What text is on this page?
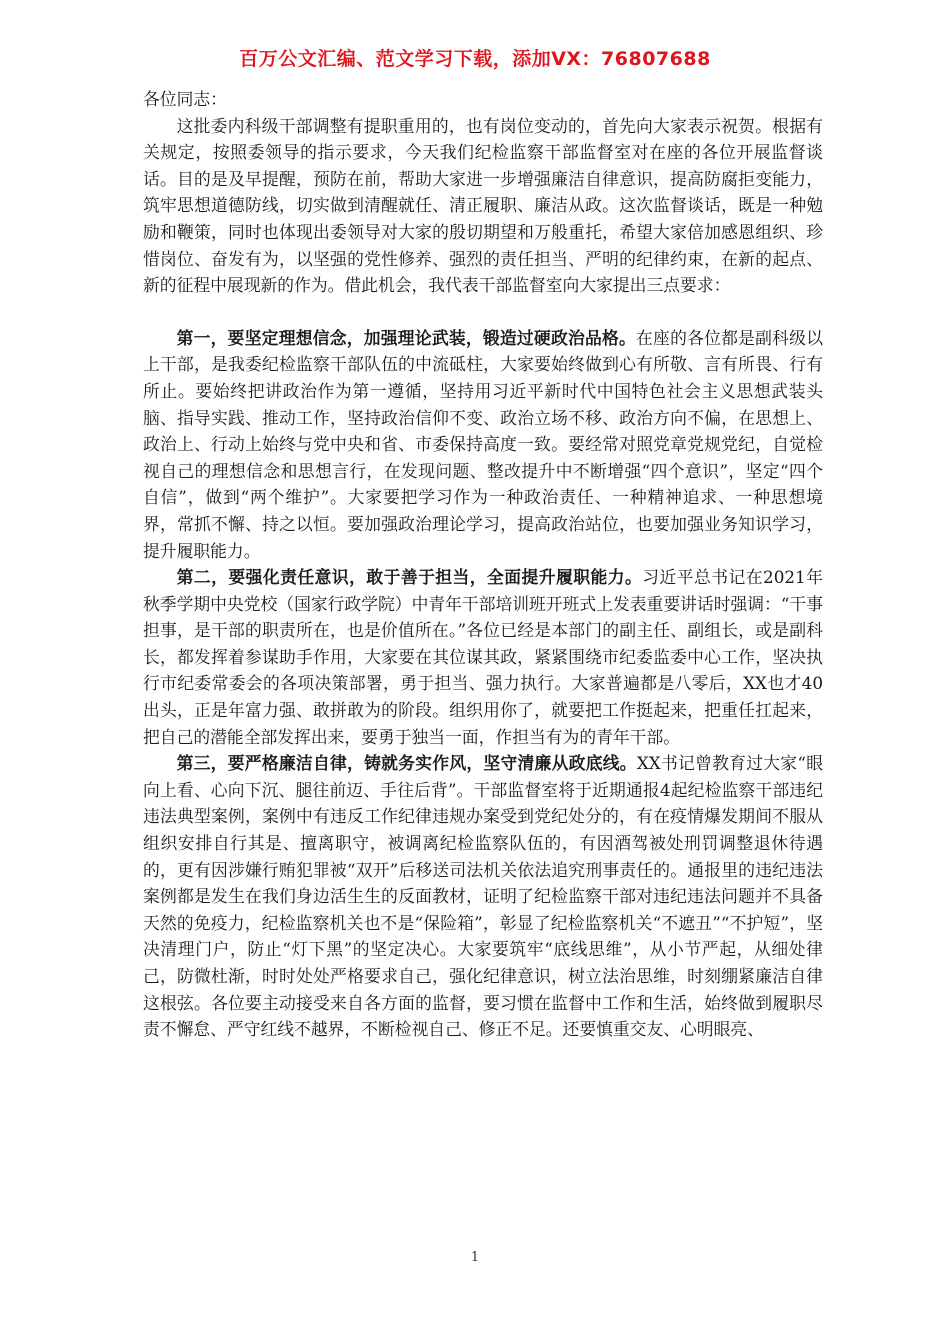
百万公文汇编、范文学习下载，添加VX：76807688

各位同志：

这批委内科级干部调整有提职重用的，也有岗位变动的，首先向大家表示祝贺。根据有关规定，按照委领导的指示要求，今天我们纪检监察干部监督室对在座的各位开展监督谈话。目的是及早提醒，预防在前，帮助大家进一步增强廉洁自律意识，提高防腐拒变能力，筑牢思想道德防线，切实做到清醒就任、清正履职、廉洁从政。这次监督谈话，既是一种勉励和鞭策，同时也体现出委领导对大家的殷切期望和万般重托，希望大家倍加感恩组织、珍惜岗位、奋发有为，以坚强的党性修养、强烈的责任担当、严明的纪律约束，在新的起点、新的征程中展现新的作为。借此机会，我代表干部监督室向大家提出三点要求：

第一，要坚定理想信念，加强理论武装，锻造过硬政治品格。在座的各位都是副科级以上干部，是我委纪检监察干部队伍的中流砥柱，大家要始终做到心有所敬、言有所畏、行有所止。要始终把讲政治作为第一遵循，坚持用习近平新时代中国特色社会主义思想武装头脑、指导实践、推动工作，坚持政治信仰不变、政治立场不移、政治方向不偏，在思想上、政治上、行动上始终与党中央和省、市委保持高度一致。要经常对照党章党规党纪，自觉检视自己的理想信念和思想言行，在发现问题、整改提升中不断增强“四个意识”，坚定“四个自信”，做到“两个维护”。大家要把学习作为一种政治责任、一种精神追求、一种思想境界，常抓不懈、持之以恒。要加强政治理论学习，提高政治站位，也要加强业务知识学习，提升履职能力。

第二，要强化责任意识，敢于善于担当，全面提升履职能力。习近平总书记在2021年秋季学期中央党校（国家行政学院）中青年干部培训班开班式上发表重要讲话时强调：“干事担事，是干部的职责所在，也是价值所在。”各位已经是本部门的副主任、副组长，或是副科长，都发挥着参谋助手作用，大家要在其位谋其政，紧紧围绕市纪委监委中心工作，坚决执行市纪委常委会的各项决策部署，勇于担当、强力执行。大家普遍都是八零后，XX也才40出头，正是年富力强、敢拼敢为的阶段。组织用你了，就要把工作挺起来，把重任扛起来，把自己的潜能全部发挥出来，要勇于独当一面，作担当有为的青年干部。

第三，要严格廉洁自律，铸就务实作风，坚守清廉从政底线。XX书记曾教育过大家“眼向上看、心向下沉、腿往前迈、手往后背”。干部监督室将于近期通报4起纪检监察干部违纪违法典型案例，案例中有违反工作纪律违规办案受到党纪处分的，有在疫情爆发期间不服从组织安排自行其是、擅离职守，被调离纪检监察队伍的，有因酒驾被处刑罚调整退休待遇的，更有因涉嫌行贿犯罪被“双开”后移送司法机关依法追究刑事责任的。通报里的违纪违法案例都是发生在我们身边活生生的反面教材，证明了纪检监察干部对违纪违法问题并不具备天然的免疫力，纪检监察机关也不是“保险箱”，彰显了纪检监察机关“不遮丑”“不护短”，坚决清理门户，防止“灯下黑”的坚定决心。大家要筑牢“底线思维”，从小节严起，从细处律己，防微杜渐，时时处处严格要求自己，强化纪律意识，树立法治思维，时刻绷紧廉洁自律这根弦。各位要主动接受来自各方面的监督，要习惯在监督中工作和生活，始终做到履职尽责不懈怠、严守红线不越界，不断检视自己、修正不足。还要慎重交友、心明眼亮、

1
